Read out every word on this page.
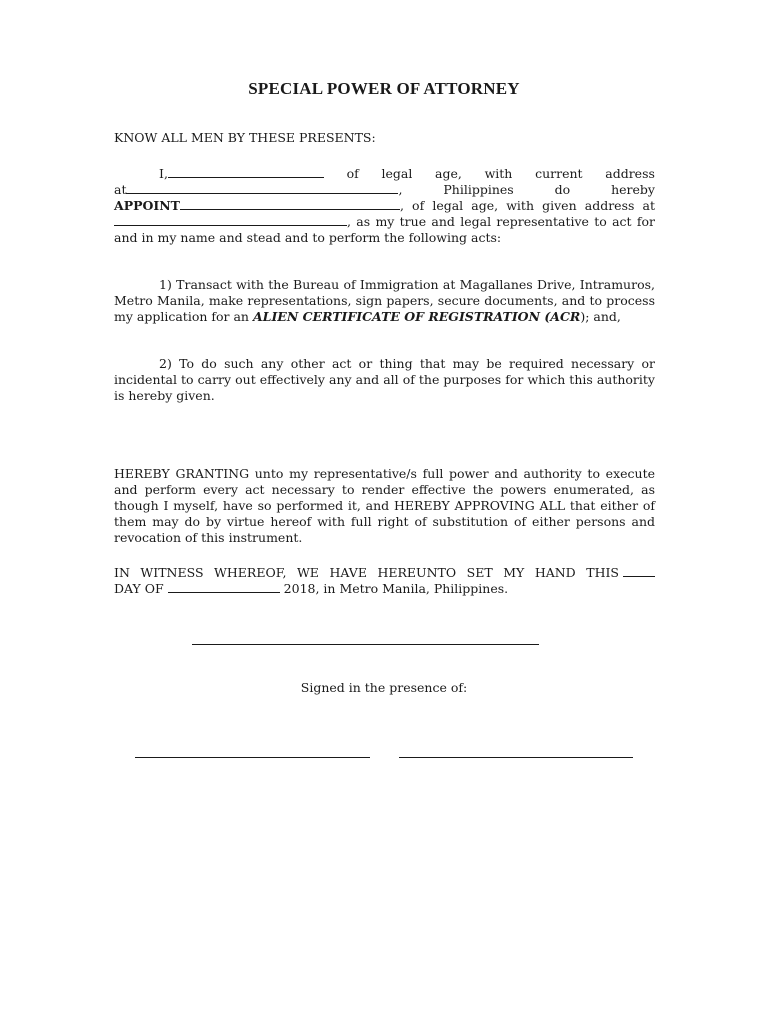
SPECIAL POWER OF ATTORNEY
KNOW ALL MEN BY THESE PRESENTS:
I,	of legal age, with current address
at	,	Philippines	do	hereby
APPOINT	, of legal age, with given address at
, as my true and legal representative to act for
and in my name and stead and to perform the following acts:
1) Transact with the Bureau of Immigration at Magallanes Drive, Intramuros, Metro Manila, make representations, sign papers, secure documents, and to process my application for an ALIEN CERTIFICATE OF REGISTRATION (ACR); and,
2) To do such any other act or thing that may be required necessary or incidental to carry out effectively any and all of the purposes for which this authority is hereby given.
HEREBY GRANTING unto my representative/s full power and authority to execute and perform every act necessary to render effective the powers enumerated, as though I myself, have so performed it, and HEREBY APPROVING ALL that either of them may do by virtue hereof with full right of substitution of either persons and revocation of this instrument.
IN WITNESS WHEREOF, WE HAVE HEREUNTO SET MY HAND THIS
DAY OF

	2018, in Metro Manila, Philippines.
Signed in the presence of:
